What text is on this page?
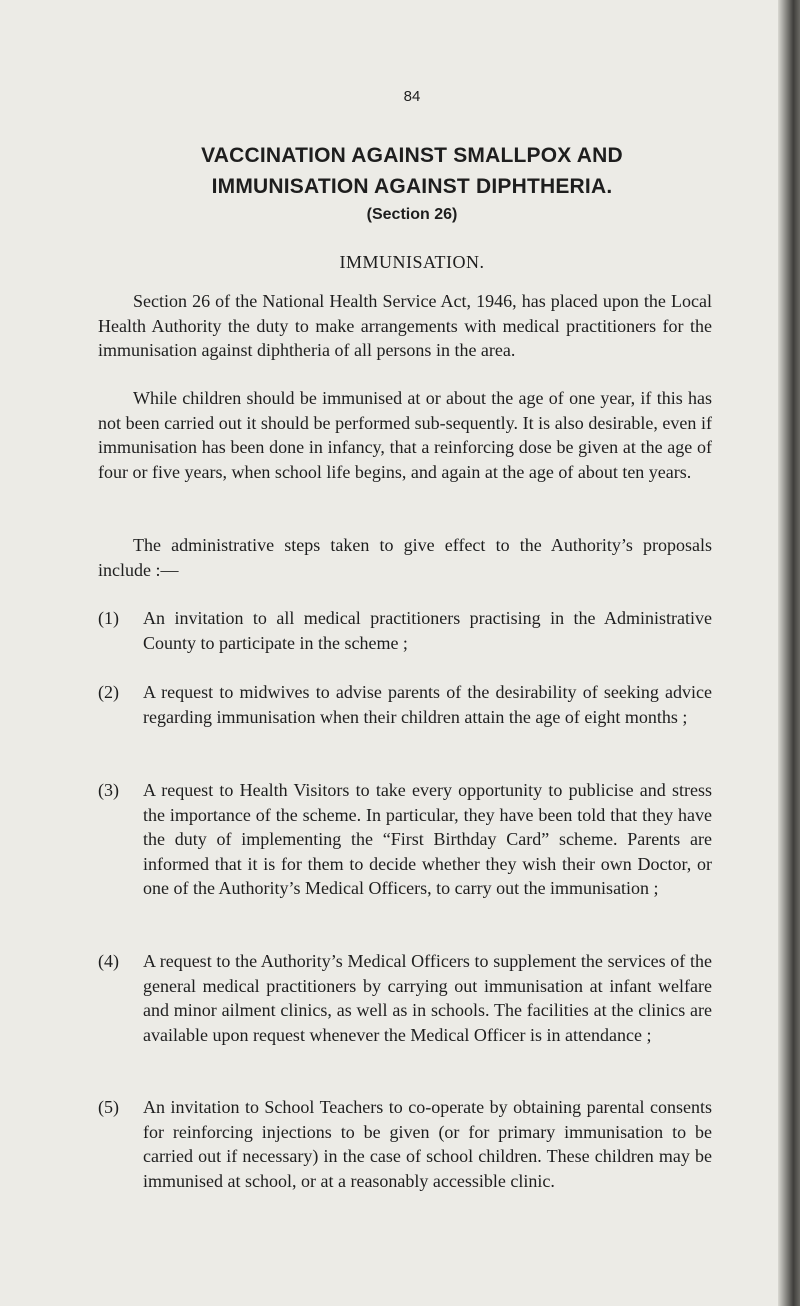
84
VACCINATION AGAINST SMALLPOX AND
IMMUNISATION AGAINST DIPHTHERIA.
(Section 26)
IMMUNISATION.

Section 26 of the National Health Service Act, 1946, has placed upon the Local Health Authority the duty to make arrangements with medical practitioners for the immunisation against diphtheria of all persons in the area.

While children should be immunised at or about the age of one year, if this has not been carried out it should be performed sub-sequently. It is also desirable, even if immunisation has been done in infancy, that a reinforcing dose be given at the age of four or five years, when school life begins, and again at the age of about ten years.

The administrative steps taken to give effect to the Authority’s proposals include :—

(1) An invitation to all medical practitioners practising in the Administrative County to participate in the scheme ;
(2) A request to midwives to advise parents of the desirability of seeking advice regarding immunisation when their children attain the age of eight months ;
(3) A request to Health Visitors to take every opportunity to publicise and stress the importance of the scheme. In particular, they have been told that they have the duty of implementing the “First Birthday Card” scheme. Parents are informed that it is for them to decide whether they wish their own Doctor, or one of the Authority’s Medical Officers, to carry out the immunisation ;
(4) A request to the Authority’s Medical Officers to supplement the services of the general medical practitioners by carrying out immunisation at infant welfare and minor ailment clinics, as well as in schools. The facilities at the clinics are available upon request whenever the Medical Officer is in attendance ;
(5) An invitation to School Teachers to co-operate by obtaining parental consents for reinforcing injections to be given (or for primary immunisation to be carried out if necessary) in the case of school children. These children may be immunised at school, or at a reasonably accessible clinic.
